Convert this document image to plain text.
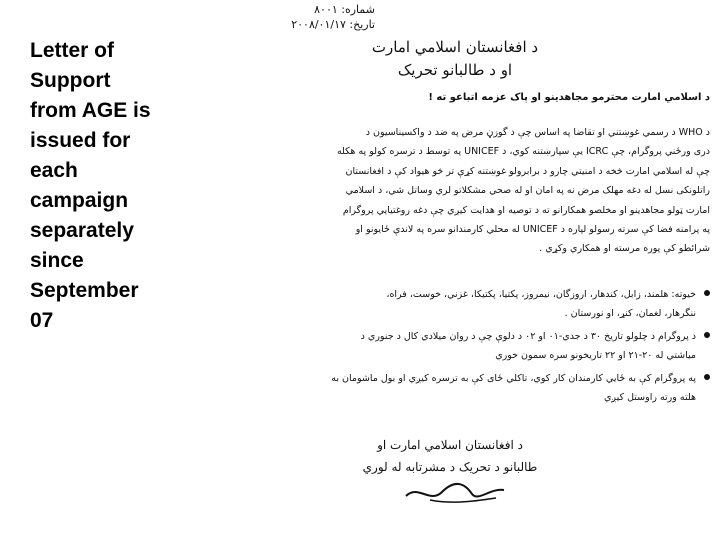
Letter of
Support
from AGE is
issued for
each
campaign
separately
since
September
07
شماره: ۸۰۰۱
تاریخ: ۲۰۰۸/۰۱/۱۷
د افغانستان اسلامي امارت
او د طالبانو تحريک
د اسلامي امارت محترمو مجاهدينو او پاک عزمه اتباعو ته !
د WHO د رسمي غوښتني او تقاضا په اساس چې د گوزڼ مرض په ضد د واکسيناسيون د
دری ورځني پروگرام، چې ICRC يې سپارښتنه کوي، د UNICEF په توسط د ترسره کولو په هکله
چې له اسلامي امارت څخه د امنيتي چارو د برابرولو غوښتنه کړې تر څو هيواد کې د افغانستان
راتلونکی نسل له دغه مهلک مرض نه په امان او له صحي مشکلاتو لري وساتل شي، د اسلامي
امارت ټولو مجاهدينو او مخلصو همکارانو ته د توصيه او هدايت کيږي چې دغه روغتيايي پروگرام
په پرامنه فضا کې سرته رسولو لپاره د UNICEF له محلي کارمندانو سره په لاندې ځايونو او
شرائطو کې پوره مرسته او همکاري وکړي .
خيوته: هلمند، زابل، کندهار، اروزگان، نيمروز، پکتيا، پکتيکا، غزني، خوست، فراه،
ننگرهار، لغمان، کنړ، او نورستان .
د پروگرام د چلولو تاريخ ۳۰ د جدي-۰۱ او ۰۲ د دلوې چې د روان ميلادي کال د جنوري د
مياشتي له ۲۰-۲۱ او ۲۲ تاريخونو سره سمون خوري
په پروگرام کې به ځايي کارمندان کار کوي، تاکلي ځای کې به ترسره کيږي او بول ماشومان به
هلته ورته راوستل کيږي
د افغانستان اسلامي امارت او
طالبانو د تحريک د مشرتابه له لوري
